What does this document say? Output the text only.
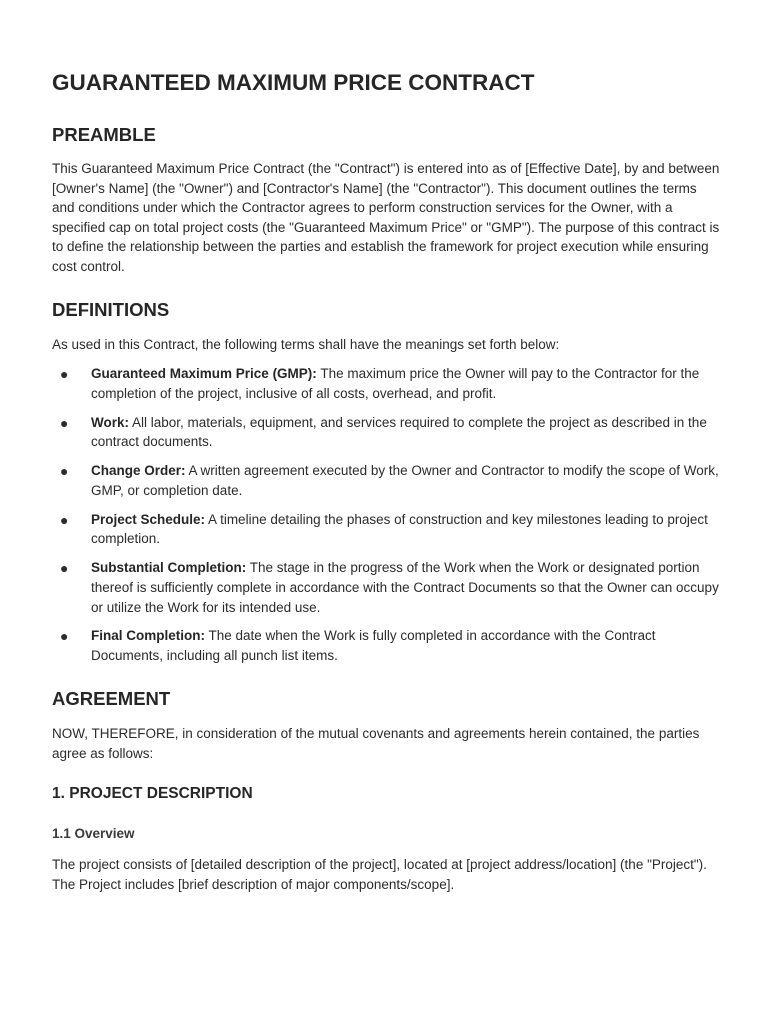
GUARANTEED MAXIMUM PRICE CONTRACT
PREAMBLE

This Guaranteed Maximum Price Contract (the "Contract") is entered into as of [Effective Date], by and between [Owner's Name] (the "Owner") and [Contractor's Name] (the "Contractor"). This document outlines the terms and conditions under which the Contractor agrees to perform construction services for the Owner, with a specified cap on total project costs (the "Guaranteed Maximum Price" or "GMP"). The purpose of this contract is to define the relationship between the parties and establish the framework for project execution while ensuring cost control.

DEFINITIONS

As used in this Contract, the following terms shall have the meanings set forth below:

● Guaranteed Maximum Price (GMP): The maximum price the Owner will pay to the Contractor for the completion of the project, inclusive of all costs, overhead, and profit.
● Work: All labor, materials, equipment, and services required to complete the project as described in the contract documents.
● Change Order: A written agreement executed by the Owner and Contractor to modify the scope of Work, GMP, or completion date.
● Project Schedule: A timeline detailing the phases of construction and key milestones leading to project completion.
● Substantial Completion: The stage in the progress of the Work when the Work or designated portion thereof is sufficiently complete in accordance with the Contract Documents so that the Owner can occupy or utilize the Work for its intended use.
● Final Completion: The date when the Work is fully completed in accordance with the Contract Documents, including all punch list items.
AGREEMENT

NOW, THEREFORE, in consideration of the mutual covenants and agreements herein contained, the parties agree as follows:

1. PROJECT DESCRIPTION
1.1 Overview

The project consists of [detailed description of the project], located at [project address/location] (the "Project"). The Project includes [brief description of major components/scope].
